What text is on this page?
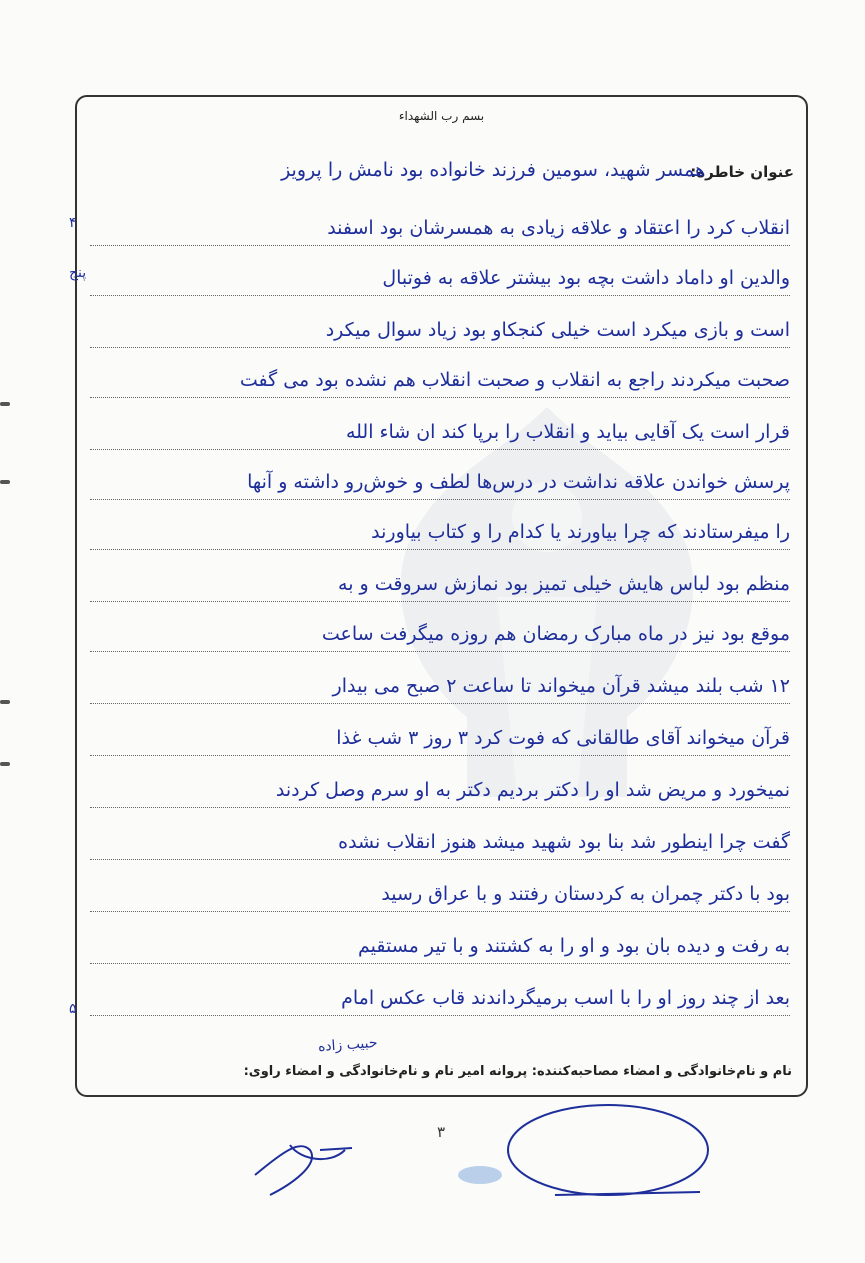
بسم رب الشهداء
عنوان خاطره:
همسر شهید، سومین فرزند خانواده بود نامش را پرویز
انقلاب کرد را اعتقاد و علاقه زیادی به همسرشان بود اسفند
والدین او داماد داشت بچه بود بیشتر علاقه به فوتبال
است و بازی میکرد است خیلی کنجکاو بود زیاد سوال میکرد
صحبت میکردند راجع به انقلاب و صحبت انقلاب هم نشده بود می گفت
قرار است یک آقایی بیاید و انقلاب را برپا کند ان شاء الله
پرسش خواندن علاقه نداشت در درس‌ها لطف و خوش‌رو داشته و آنها
را میفرستادند که چرا بیاورند یا کدام را و کتاب بیاورند
منظم بود لباس هایش خیلی تمیز بود نمازش سروقت و به
موقع بود نیز در ماه مبارک رمضان هم روزه میگرفت ساعت
۱۲ شب بلند میشد قرآن میخواند تا ساعت ۲ صبح می بیدار
قرآن میخواند آقای طالقانی که فوت کرد ۳ روز ۳ شب غذا
نمیخورد و مریض شد او را دکتر بردیم دکتر به او سرم وصل کردند
گفت چرا اینطور شد بنا بود شهید میشد هنوز انقلاب نشده
بود با دکتر چمران به کردستان رفتند و با عراق رسید
به رفت و دیده بان بود و او را به کشتند و با تیر مستقیم
بعد از چند روز او را با اسب برمیگرداندند قاب عکس امام
۴
پنج
۵
نام و نام‌خانوادگی و امضاء مصاحبه‌کننده: پروانه امیر نام و نام‌خانوادگی و امضاء راوی:
حبیب زاده
۳
